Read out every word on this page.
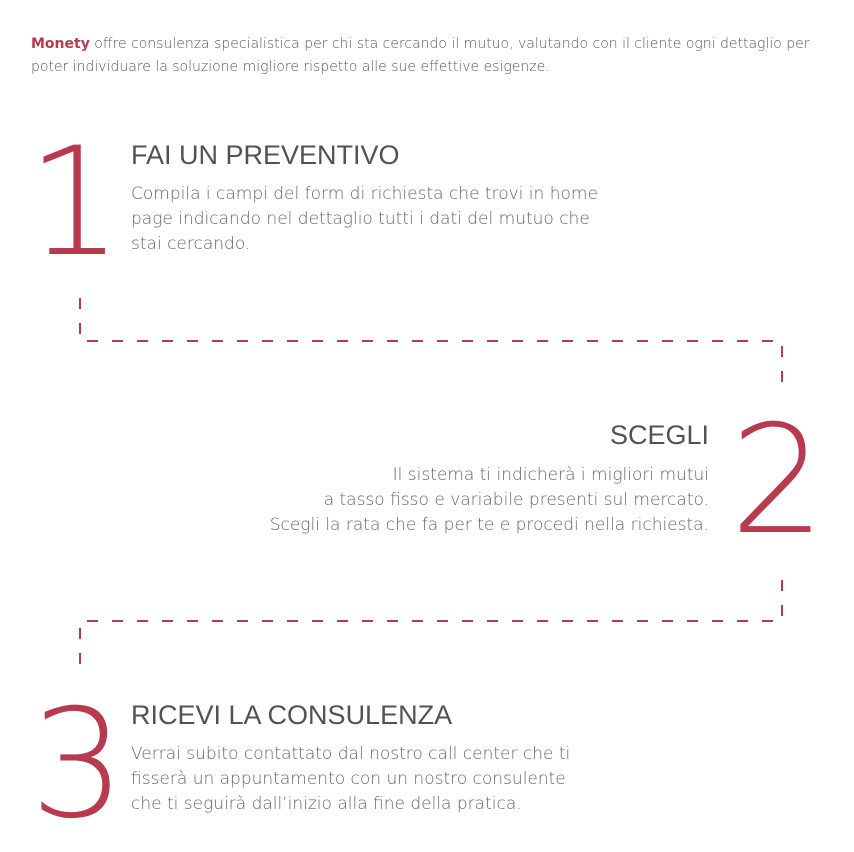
Monety offre consulenza specialistica per chi sta cercando il mutuo, valutando con il cliente ogni dettaglio per poter individuare la soluzione migliore rispetto alle sue effettive esigenze.
1 FAI UN PREVENTIVO
Compila i campi del form di richiesta che trovi in home
page indicando nel dettaglio tutti i dati del mutuo che
stai cercando.
2
SCEGLI
Il sistema ti indicherà i migliori mutui
a tasso fisso e variabile presenti sul mercato.
Scegli la rata che fa per te e procedi nella richiesta.
3 RICEVI LA CONSULENZA
Verrai subito contattato dal nostro call center che ti
fisserà un appuntamento con un nostro consulente
che ti seguirà dall’inizio alla fine della pratica.
